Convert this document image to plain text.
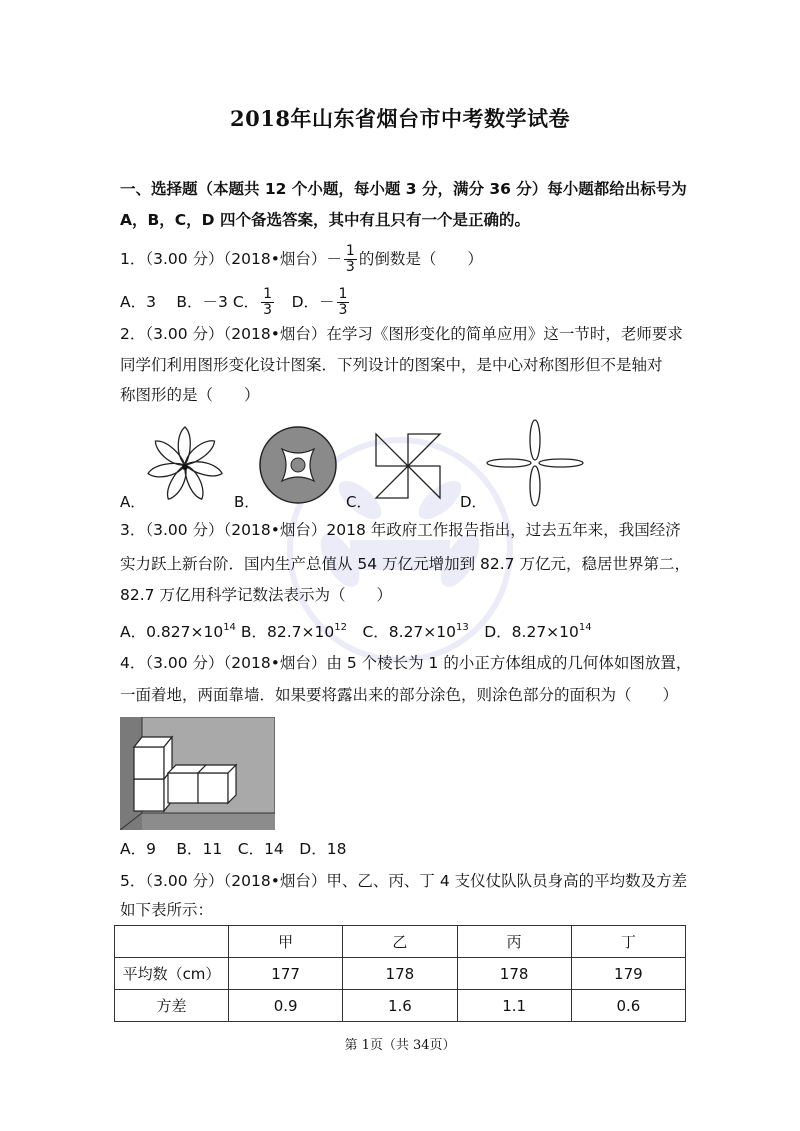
2018年山东省烟台市中考数学试卷
一、选择题（本题共 12 个小题，每小题 3 分，满分 36 分）每小题都给出标号为
A，B，C，D 四个备选答案，其中有且只有一个是正确的。
1．（3.00 分）（2018•烟台）－ $\frac{1}{3}$ 的倒数是（　　）
A．3　 B．－3 C． $\frac{1}{3}$ 　D．－ $\frac{1}{3}$
2．（3.00 分）（2018•烟台）在学习《图形变化的简单应用》这一节时，老师要求
同学们利用图形变化设计图案．下列设计的图案中，是中心对称图形但不是轴对
称图形的是（　　）
A．	B．	C．	D．
3．（3.00 分）（2018•烟台）2018 年政府工作报告指出，过去五年来，我国经济
实力跃上新台阶．国内生产总值从 54 万亿元增加到 82.7 万亿元，稳居世界第二，
82.7 万亿用科学记数法表示为（　　）
A．$0.827\times 10^{14}$ B．$82.7\times 10^{12}$　C．$8.27\times 10^{13}$　D．$8.27\times 10^{14}$
4．（3.00 分）（2018•烟台）由 5 个棱长为 1 的小正方体组成的几何体如图放置，
一面着地，两面靠墙．如果要将露出来的部分涂色，则涂色部分的面积为（　　）
A．9　 B．11　C．14　D．18
5．（3.00 分）（2018•烟台）甲、乙、丙、丁 4 支仪仗队队员身高的平均数及方差
如下表所示：
	甲	乙	丙	丁
平均数（cm）	177	178	178	179
方差	0.9	1.6	1.1	0.6
第 1页（共 34页）
